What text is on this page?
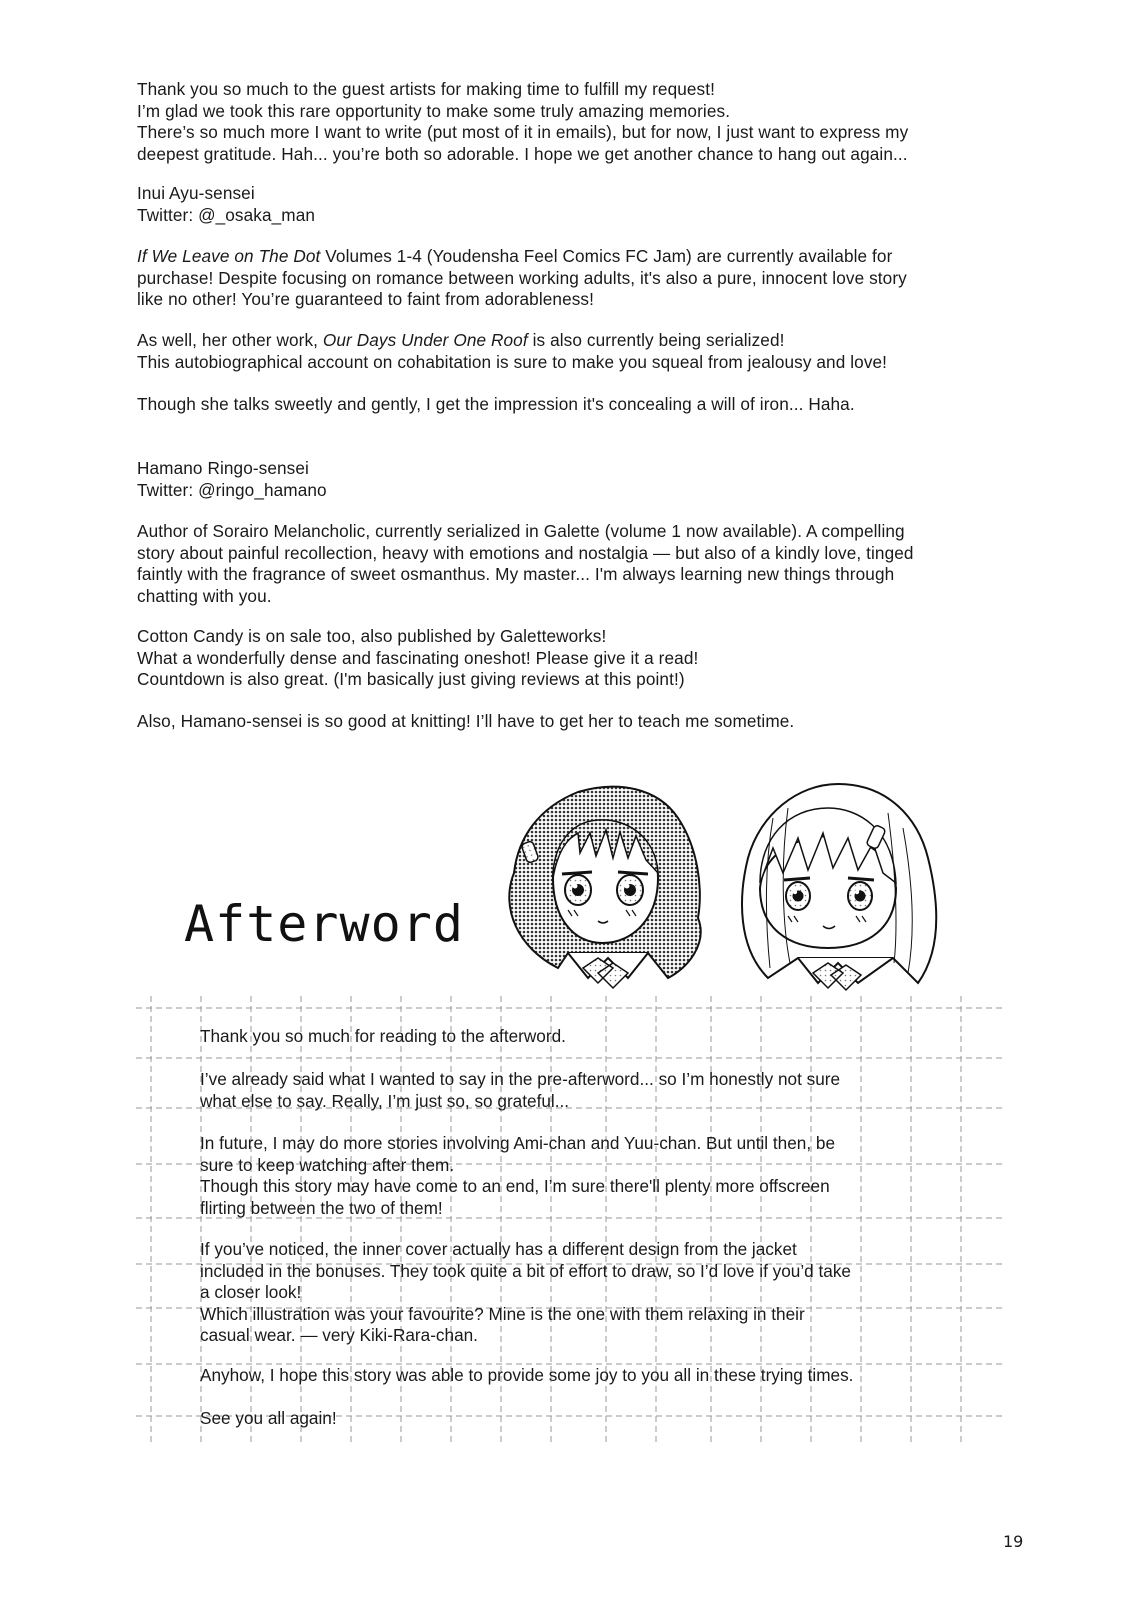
Thank you so much to the guest artists for making time to fulfill my request!

I’m glad we took this rare opportunity to make some truly amazing memories.

There’s so much more I want to write (put most of it in emails), but for now, I just want to express my

deepest gratitude. Hah... you’re both so adorable. I hope we get another chance to hang out again...

Inui Ayu-sensei

Twitter: @_osaka_man

If We Leave on The Dot Volumes 1-4 (Youdensha Feel Comics FC Jam) are currently available for

purchase! Despite focusing on romance between working adults, it's also a pure, innocent love story

like no other! You’re guaranteed to faint from adorableness!

As well, her other work, Our Days Under One Roof is also currently being serialized!

This autobiographical account on cohabitation is sure to make you squeal from jealousy and love!

Though she talks sweetly and gently, I get the impression it's concealing a will of iron... Haha.

Hamano Ringo-sensei

Twitter: @ringo_hamano

Author of Sorairo Melancholic, currently serialized in Galette (volume 1 now available). A compelling

story about painful recollection, heavy with emotions and nostalgia — but also of a kindly love, tinged

faintly with the fragrance of sweet osmanthus. My master... I'm always learning new things through

chatting with you.

Cotton Candy is on sale too, also published by Galetteworks!

What a wonderfully dense and fascinating oneshot! Please give it a read!

Countdown is also great. (I'm basically just giving reviews at this point!)

Also, Hamano-sensei is so good at knitting! I’ll have to get her to teach me sometime.

Afterword
Thank you so much for reading to the afterword.
I’ve already said what I wanted to say in the pre-afterword... so I’m honestly not sure
what else to say. Really, I’m just so, so grateful...
In future, I may do more stories involving Ami-chan and Yuu-chan. But until then, be
sure to keep watching after them.
Though this story may have come to an end, I’m sure there'll plenty more offscreen
flirting between the two of them!
If you’ve noticed, the inner cover actually has a different design from the jacket
included in the bonuses. They took quite a bit of effort to draw, so I’d love if you’d take
a closer look!
Which illustration was your favourite? Mine is the one with them relaxing in their
casual wear. — very Kiki-Rara-chan.
Anyhow, I hope this story was able to provide some joy to you all in these trying times.
See you all again!
19
